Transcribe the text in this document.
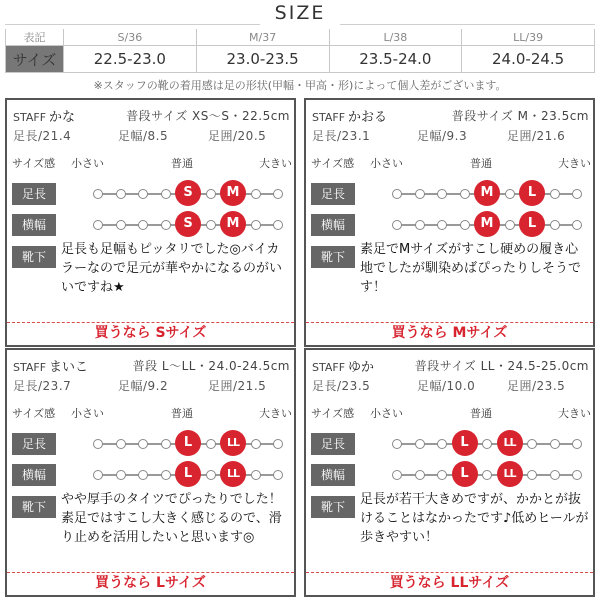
SIZE
表記	S/36	M/37	L/38	LL/39
サイズ	22.5-23.0	23.0-23.5	23.5-24.0	24.0-24.5
※スタッフの靴の着用感は足の形状(甲幅・甲高・形)によって個人差がございます。
STAFF かな	普段サイズ XS〜S・22.5cm
足長/21.4	足幅/8.5	足囲/20.5
サイズ感 小さい	普通	大きい
足長	S	M
横幅	S	M
靴下	足長も足幅もピッタリでした◎バイカラーなので足元が華やかになるのがいいですね★
買うなら Sサイズ
STAFF かおる	普段サイズ M・23.5cm
足長/23.1	足幅/9.3	足囲/21.6
サイズ感 小さい	普通	大きい
足長	M	L
横幅	M	L
靴下	素足でMサイズがすこし硬めの履き心地でしたが馴染めばぴったりしそうです！
買うなら Mサイズ
STAFF まいこ	普段 L〜LL・24.0-24.5cm
足長/23.7	足幅/9.2	足囲/21.5
サイズ感 小さい	普通	大きい
足長	L	LL
横幅	L	LL
靴下	やや厚手のタイツでぴったりでした！素足ではすこし大きく感じるので、滑り止めを活用したいと思います◎
買うなら Lサイズ
STAFF ゆか	普段サイズ LL・24.5-25.0cm
足長/23.5	足幅/10.0	足囲/23.5
サイズ感 小さい	普通	大きい
足長	L	LL
横幅	L	LL
靴下	足長が若干大きめですが、かかとが抜けることはなかったです♪低めヒールが歩きやすい！
買うなら LLサイズ
